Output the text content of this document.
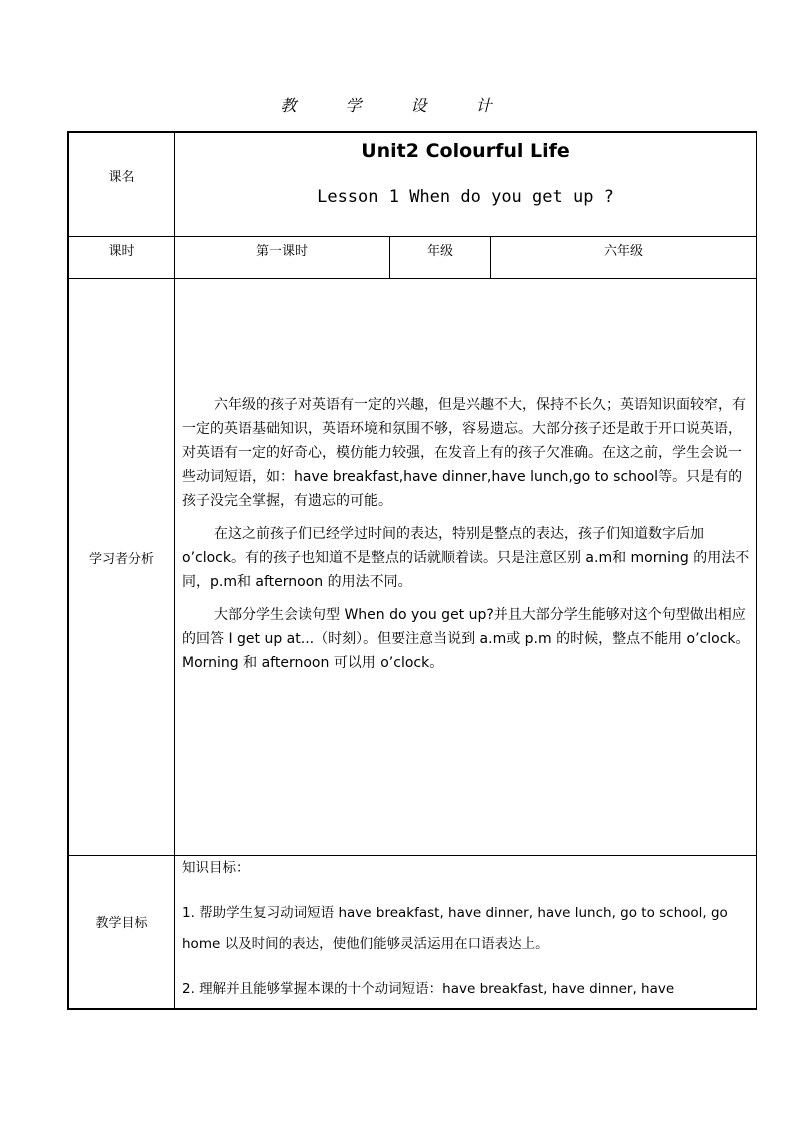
教 学 设 计
课名
Unit2 Colourful Life
Lesson 1 When do you get up ?
课时	第一课时	年级	六年级
学习者分析

六年级的孩子对英语有一定的兴趣，但是兴趣不大，保持不长久；英语知识面较窄，有一定的英语基础知识，英语环境和氛围不够，容易遗忘。大部分孩子还是敢于开口说英语，对英语有一定的好奇心，模仿能力较强，在发音上有的孩子欠准确。在这之前，学生会说一些动词短语，如：have breakfast,have dinner,have lunch,go to school等。只是有的孩子没完全掌握，有遗忘的可能。

在这之前孩子们已经学过时间的表达，特别是整点的表达，孩子们知道数字后加 o’clock。有的孩子也知道不是整点的话就顺着读。只是注意区别 a.m和 morning 的用法不同，p.m和 afternoon 的用法不同。

大部分学生会读句型 When do you get up?并且大部分学生能够对这个句型做出相应的回答 I get up at...（时刻）。但要注意当说到 a.m或 p.m 的时候，整点不能用 o’clock。Morning 和 afternoon 可以用 o’clock。

教学目标
知识目标：
1. 帮助学生复习动词短语 have breakfast, have dinner, have lunch, go to school, go home 以及时间的表达，使他们能够灵活运用在口语表达上。
2. 理解并且能够掌握本课的十个动词短语：have breakfast, have dinner, have
